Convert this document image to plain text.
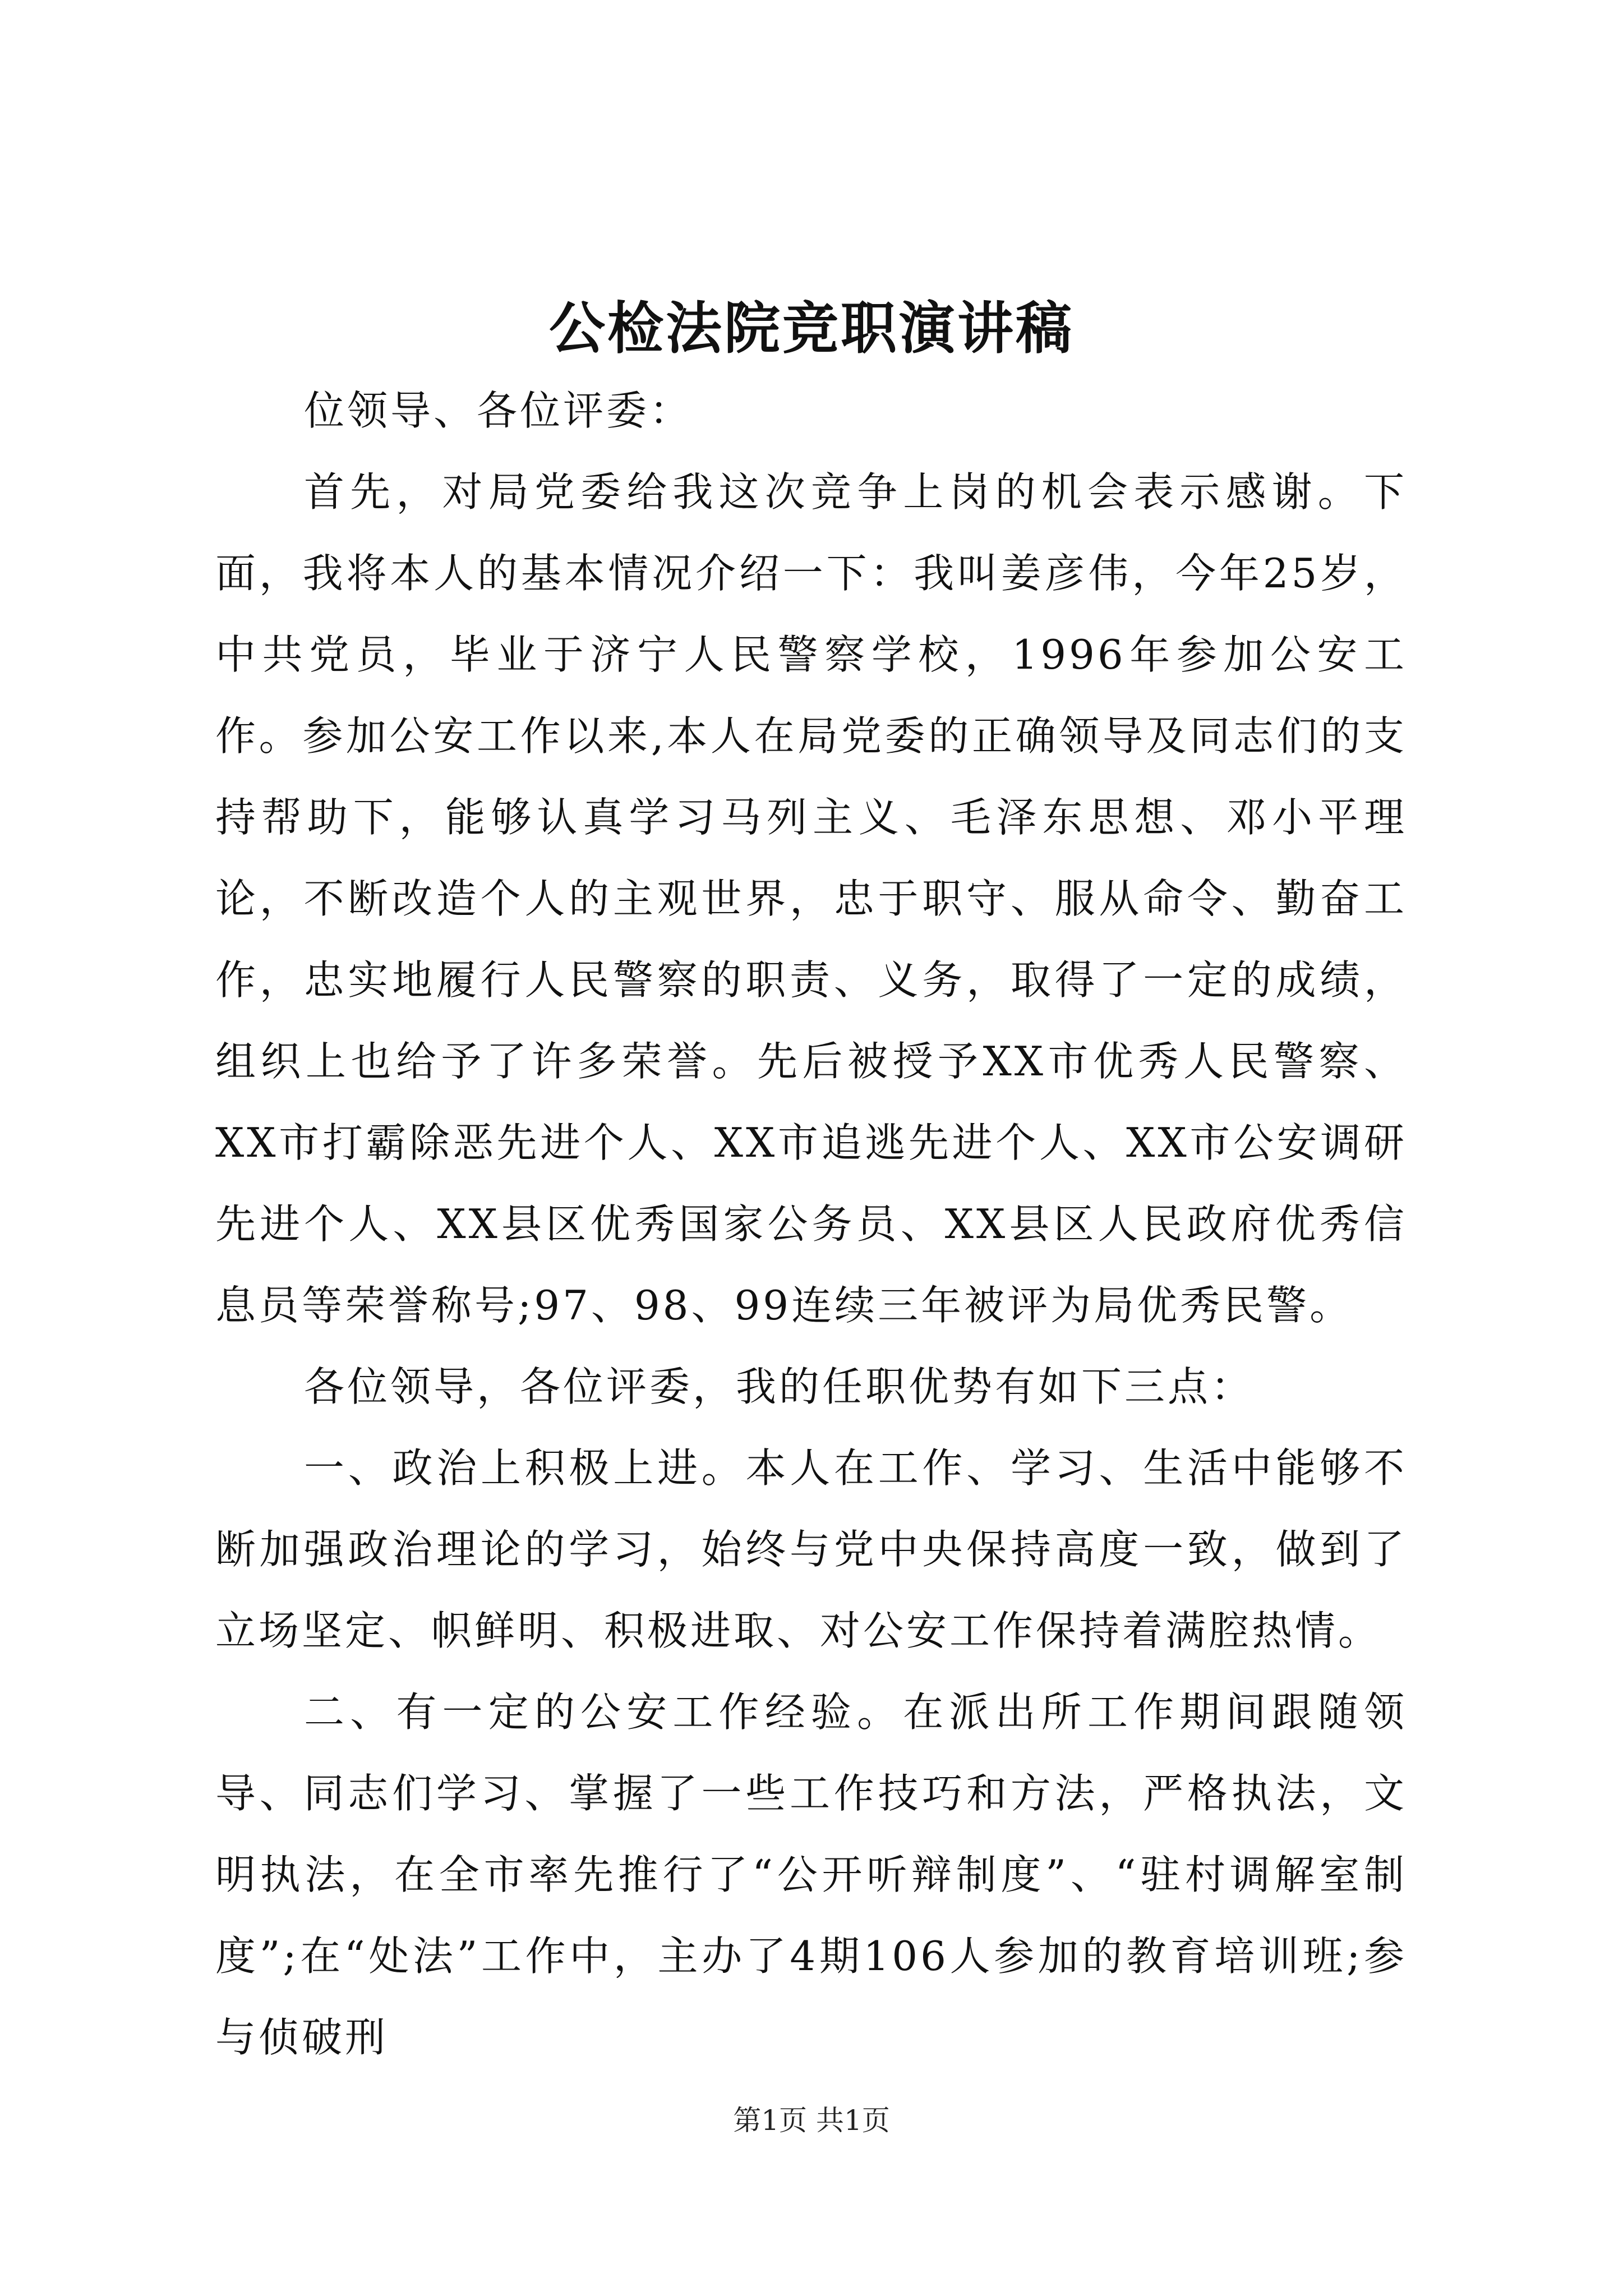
公检法院竞职演讲稿

位领导、各位评委：

首先，对局党委给我这次竞争上岗的机会表示感谢。下面，我将本人的基本情况介绍一下：我叫姜彦伟，今年25岁，中共党员，毕业于济宁人民警察学校，1996年参加公安工作。参加公安工作以来,本人在局党委的正确领导及同志们的支持帮助下，能够认真学习马列主义、毛泽东思想、邓小平理论，不断改造个人的主观世界，忠于职守、服从命令、勤奋工作，忠实地履行人民警察的职责、义务，取得了一定的成绩，组织上也给予了许多荣誉。先后被授予XX市优秀人民警察、XX市打霸除恶先进个人、XX市追逃先进个人、XX市公安调研先进个人、XX县区优秀国家公务员、XX县区人民政府优秀信息员等荣誉称号;97、98、99连续三年被评为局优秀民警。

各位领导，各位评委，我的任职优势有如下三点：

一、政治上积极上进。本人在工作、学习、生活中能够不断加强政治理论的学习，始终与党中央保持高度一致，做到了立场坚定、帜鲜明、积极进取、对公安工作保持着满腔热情。

二、有一定的公安工作经验。在派出所工作期间跟随领导、同志们学习、掌握了一些工作技巧和方法，严格执法，文明执法，在全市率先推行了“公开听辩制度”、“驻村调解室制度”;在“处法”工作中，主办了4期106人参加的教育培训班;参与侦破刑

第1页 共1页
